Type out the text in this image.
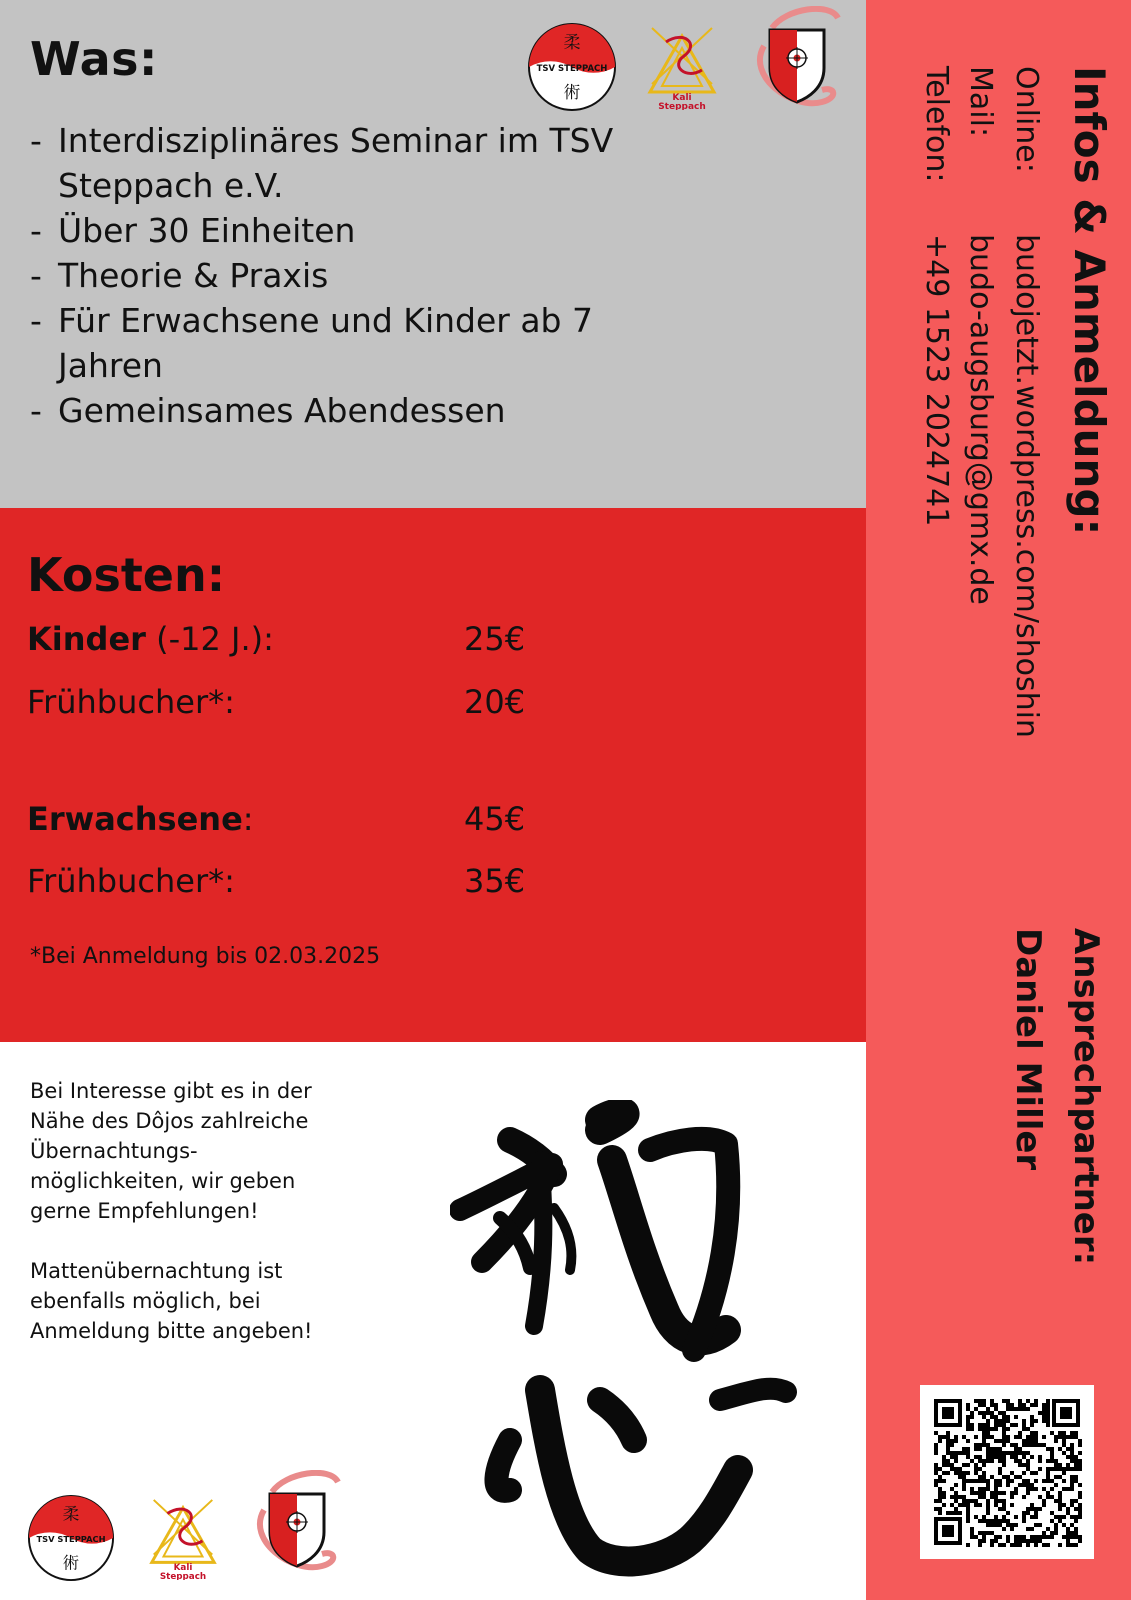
Was:
- Interdisziplinäres Seminar im TSV Steppach e.V.
- Über 30 Einheiten
- Theorie & Praxis
- Für Erwachsene und Kinder ab 7 Jahren
- Gemeinsames Abendessen
柔
TSV STEPPACH
術	Kali
Steppach
Kosten:
Kinder (-12 J.):	25€
Frühbucher*:	20€
Erwachsene:	45€
Frühbucher*:	35€
*Bei Anmeldung bis 02.03.2025

Bei Interesse gibt es in der Nähe des Dôjos zahlreiche Übernachtungs-möglichkeiten, wir geben gerne Empfehlungen!

Mattenübernachtung ist ebenfalls möglich, bei Anmeldung bitte angeben!

柔
TSV STEPPACH
術	Kali
Steppach
Infos & Anmeldung:
Online:
budojetzt.wordpress.com/shoshin
Mail:
budo-augsburg@gmx.de
Telefon:
+49 1523 2024741
Ansprechpartner:
Daniel Miller
